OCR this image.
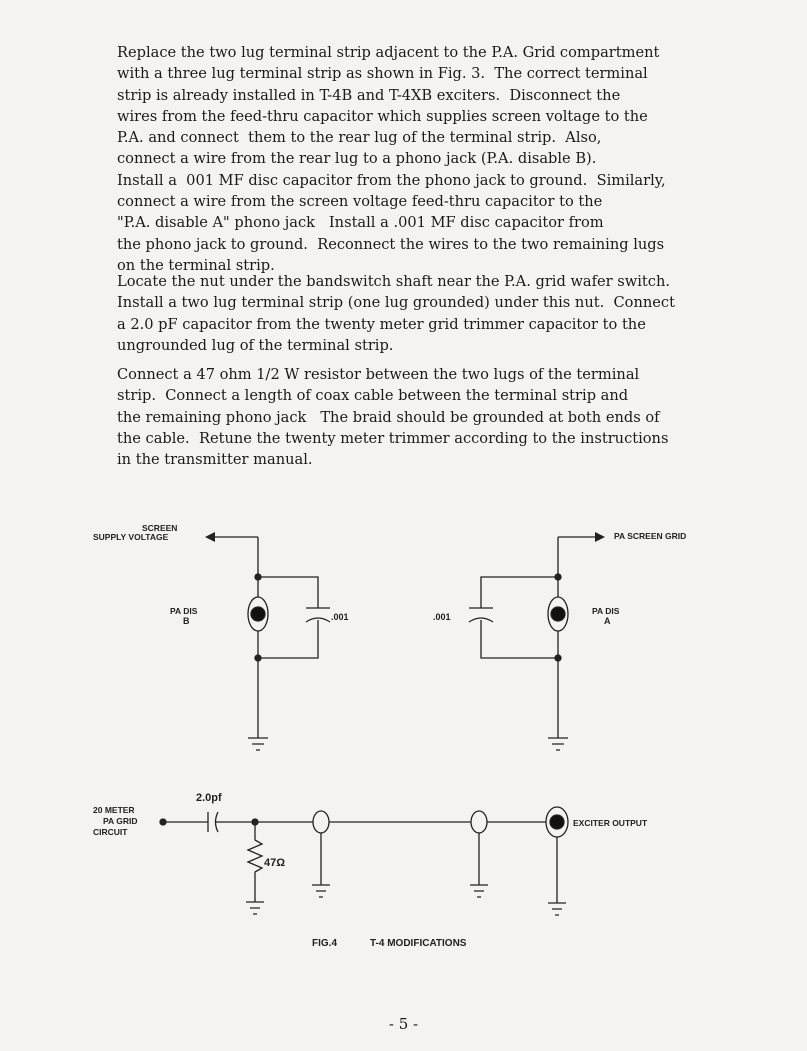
Replace the two lug terminal strip adjacent to the P.A. Grid compartment
with a three lug terminal strip as shown in Fig. 3.  The correct terminal
strip is already installed in T-4B and T-4XB exciters.  Disconnect the
wires from the feed-thru capacitor which supplies screen voltage to the
P.A. and connect  them to the rear lug of the terminal strip.  Also,
connect a wire from the rear lug to a phono jack (P.A. disable B).
Install a  001 MF disc capacitor from the phono jack to ground.  Similarly,
connect a wire from the screen voltage feed-thru capacitor to the
"P.A. disable A" phono jack   Install a .001 MF disc capacitor from
the phono jack to ground.  Reconnect the wires to the two remaining lugs
on the terminal strip.
Locate the nut under the bandswitch shaft near the P.A. grid wafer switch.
Install a two lug terminal strip (one lug grounded) under this nut.  Connect
a 2.0 pF capacitor from the twenty meter grid trimmer capacitor to the
ungrounded lug of the terminal strip.
Connect a 47 ohm 1/2 W resistor between the two lugs of the terminal
strip.  Connect a length of coax cable between the terminal strip and
the remaining phono jack   The braid should be grounded at both ends of
the cable.  Retune the twenty meter trimmer according to the instructions
in the transmitter manual.
SCREEN
SUPPLY VOLTAGE
PA DIS
B	.001
PA SCREEN GRID
PA DIS
A
.001
20 METER
PA GRID
CIRCUIT
2.0pf
47Ω
EXCITER OUTPUT
FIG.4	T-4 MODIFICATIONS
- 5 -
